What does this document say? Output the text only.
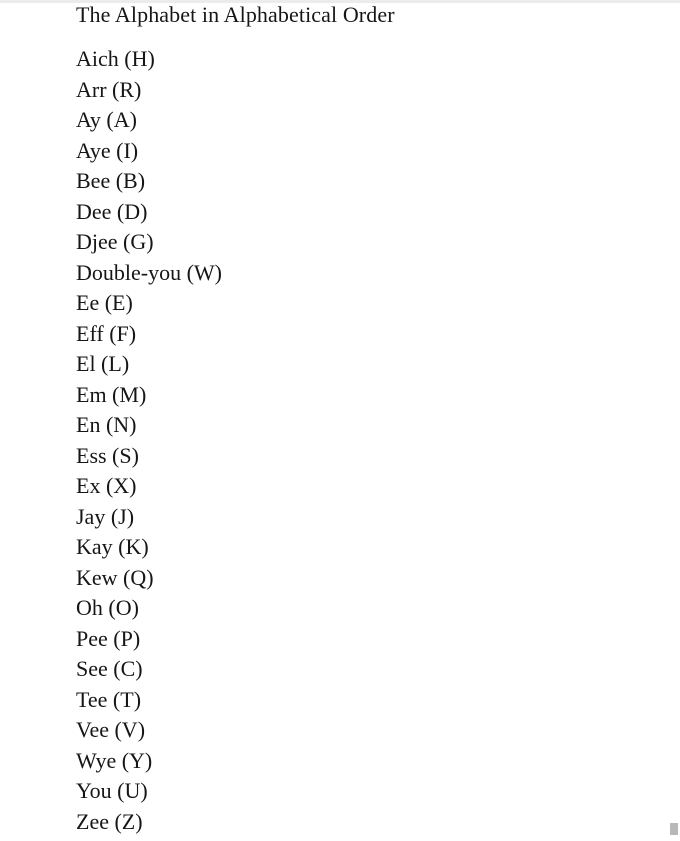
The Alphabet in Alphabetical Order
Aich (H)
Arr (R)
Ay (A)
Aye (I)
Bee (B)
Dee (D)
Djee (G)
Double-you (W)
Ee (E)
Eff (F)
El (L)
Em (M)
En (N)
Ess (S)
Ex (X)
Jay (J)
Kay (K)
Kew (Q)
Oh (O)
Pee (P)
See (C)
Tee (T)
Vee (V)
Wye (Y)
You (U)
Zee (Z)
